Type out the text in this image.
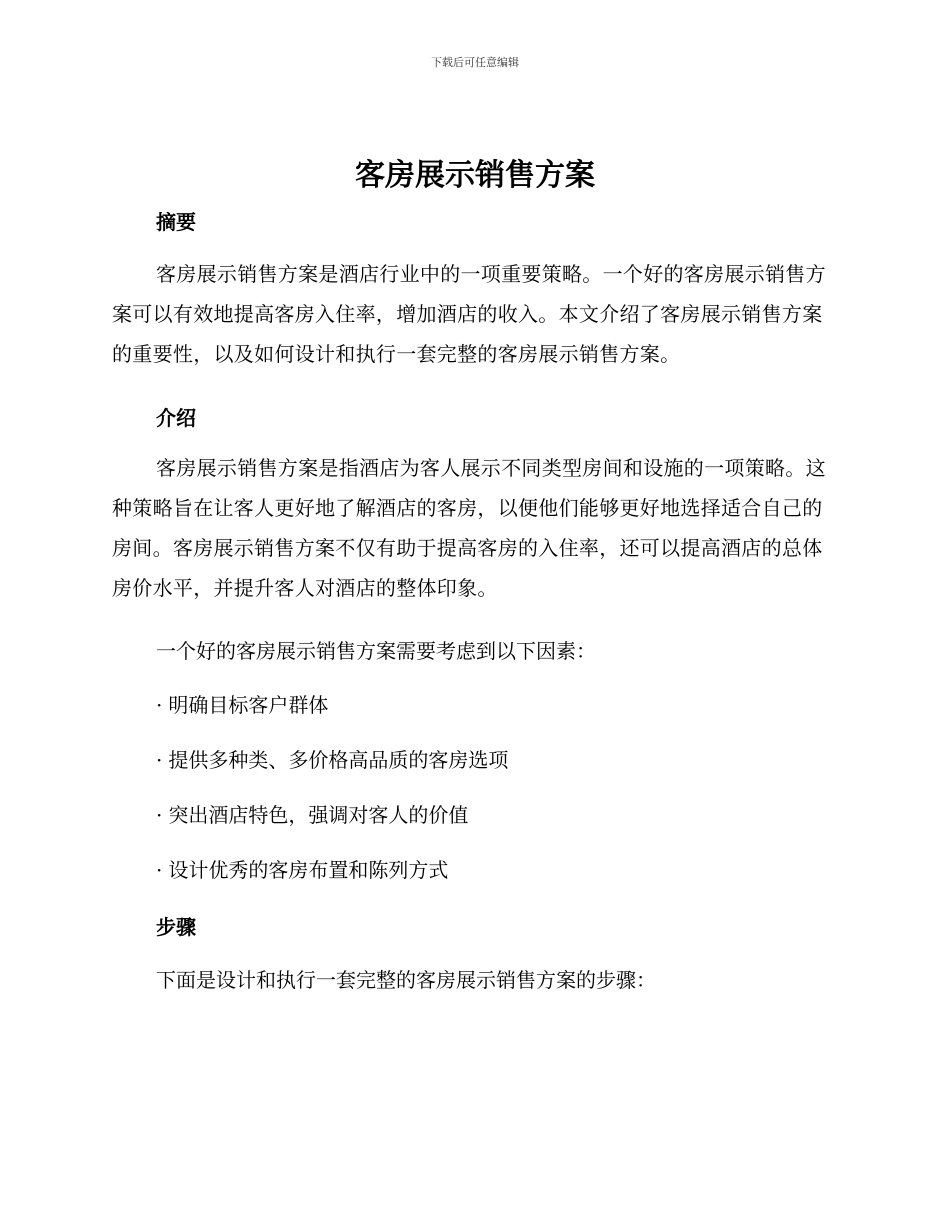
下载后可任意编辑
客房展示销售方案
摘要

客房展示销售方案是酒店行业中的一项重要策略。一个好的客房展示销售方案可以有效地提高客房入住率，增加酒店的收入。本文介绍了客房展示销售方案的重要性，以及如何设计和执行一套完整的客房展示销售方案。

介绍

客房展示销售方案是指酒店为客人展示不同类型房间和设施的一项策略。这种策略旨在让客人更好地了解酒店的客房，以便他们能够更好地选择适合自己的房间。客房展示销售方案不仅有助于提高客房的入住率，还可以提高酒店的总体房价水平，并提升客人对酒店的整体印象。

一个好的客房展示销售方案需要考虑到以下因素：

· 明确目标客户群体

· 提供多种类、多价格高品质的客房选项

· 突出酒店特色，强调对客人的价值

· 设计优秀的客房布置和陈列方式

步骤

下面是设计和执行一套完整的客房展示销售方案的步骤：
